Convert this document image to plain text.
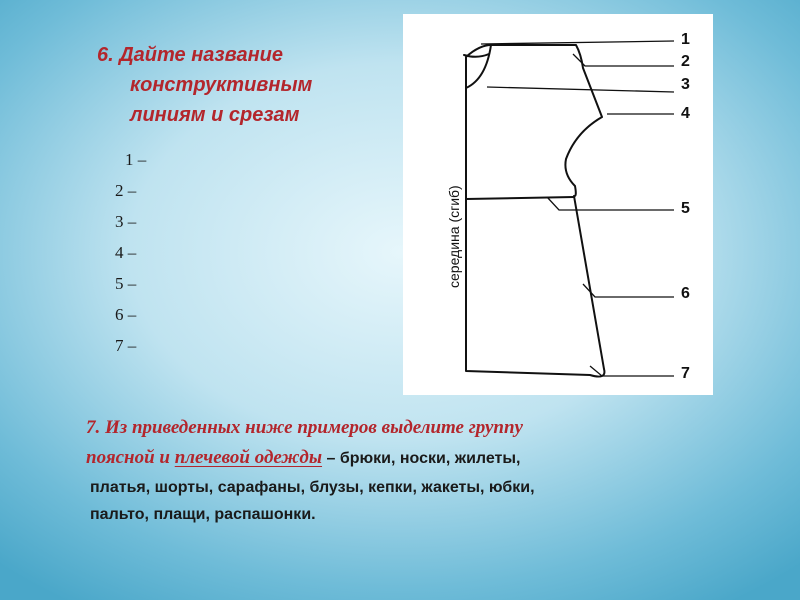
6. Дайте название
конструктивным
линиям и срезам
1 –
2 –
3 –
4 –
5 –
6 –
7 –
середина (сгиб)
1
2
3
4
5
6
7
7. Из приведенных ниже примеров выделите группу
поясной и плечевой одежды – брюки, носки, жилеты,
платья, шорты, сарафаны, блузы, кепки, жакеты, юбки,
пальто, плащи, распашонки.
